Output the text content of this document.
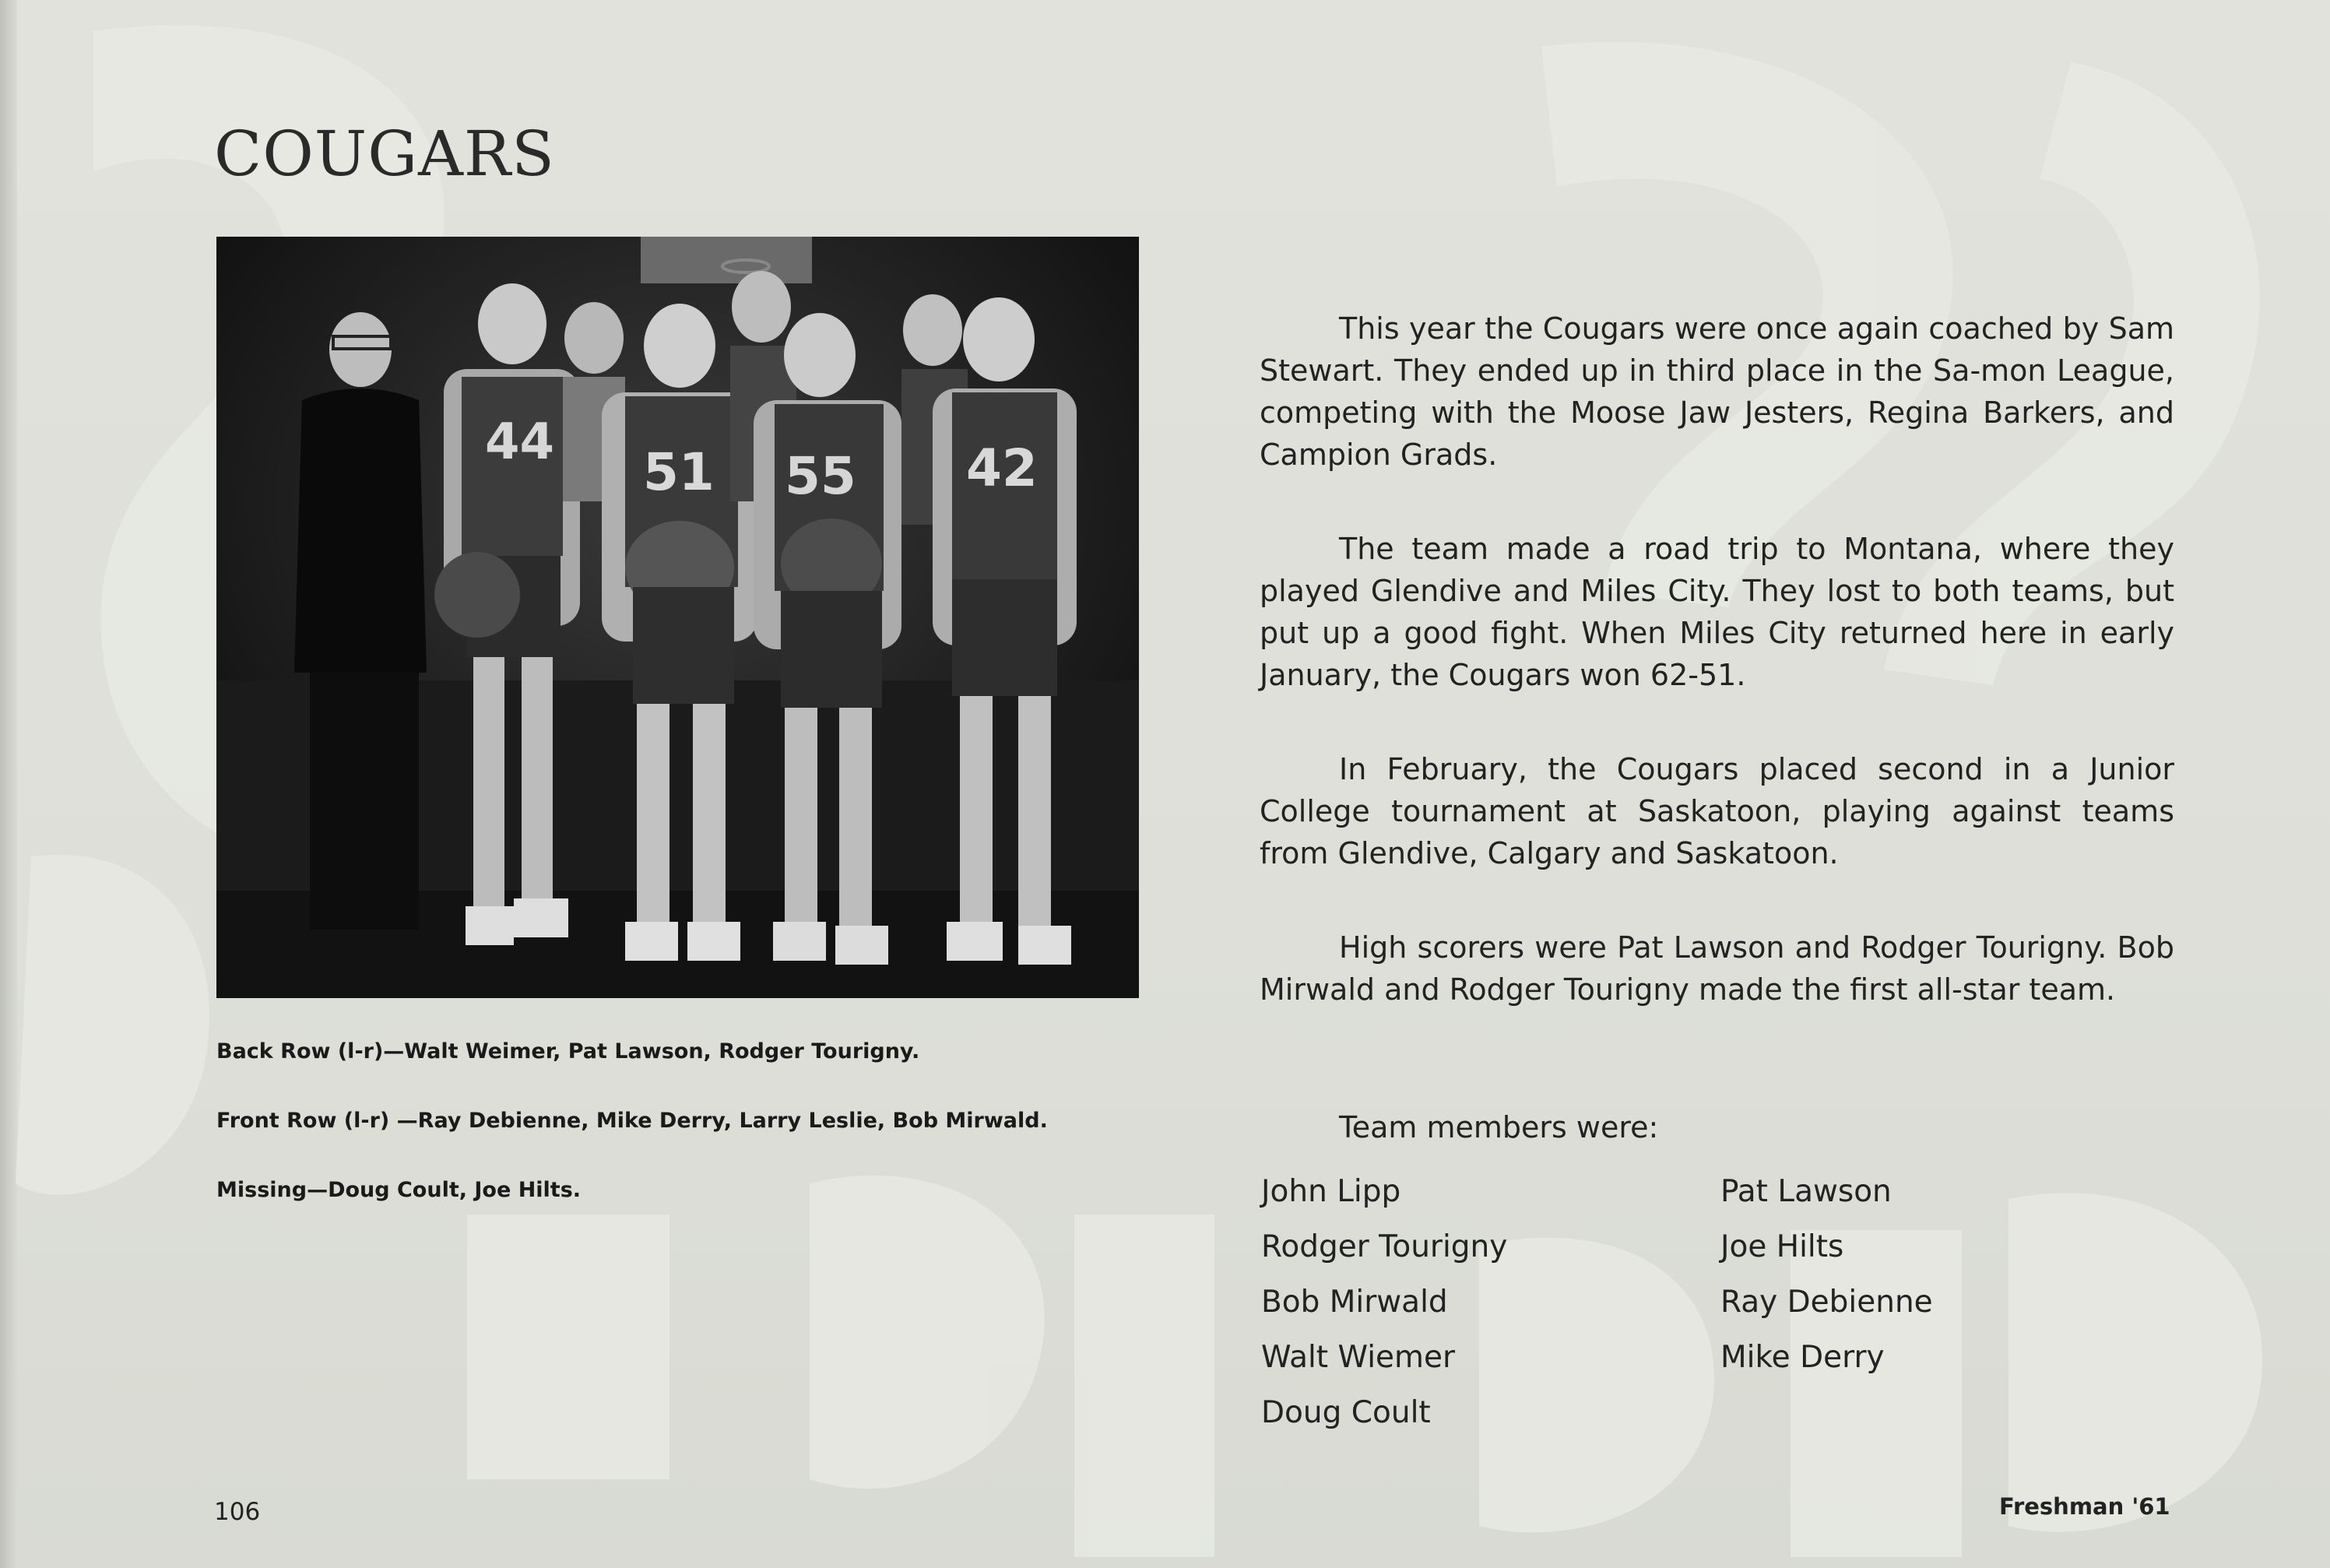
COUGARS
44 51 55 42

Back Row (l-r)—Walt Weimer, Pat Lawson, Rodger Tourigny.

Front Row (l-r) —Ray Debienne, Mike Derry, Larry Leslie, Bob Mirwald.

Missing—Doug Coult, Joe Hilts.

This year the Cougars were once again coached by Sam Stewart. They ended up in third place in the Sa-mon League, competing with the Moose Jaw Jesters, Regina Barkers, and Campion Grads.

The team made a road trip to Montana, where they played Glendive and Miles City. They lost to both teams, but put up a good fight. When Miles City returned here in early January, the Cougars won 62-51.

In February, the Cougars placed second in a Junior College tournament at Saskatoon, playing against teams from Glendive, Calgary and Saskatoon.

High scorers were Pat Lawson and Rodger Tourigny. Bob Mirwald and Rodger Tourigny made the first all-star team.

Team members were:

John Lipp	Pat Lawson
Rodger Tourigny	Joe Hilts
Bob Mirwald	Ray Debienne
Walt Wiemer	Mike Derry
Doug Coult
106	Freshman '61
